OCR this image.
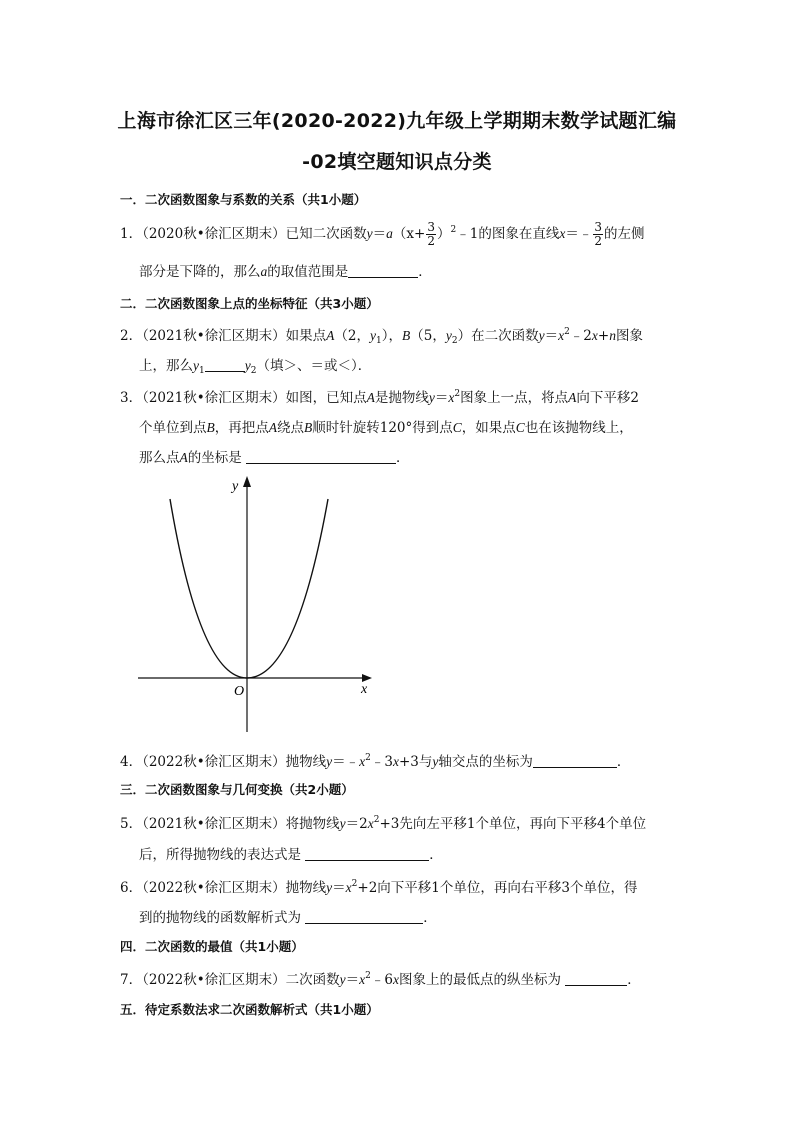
上海市徐汇区三年(2020-2022)九年级上学期期末数学试题汇编
-02填空题知识点分类
一．二次函数图象与系数的关系（共1小题）
1．（2020秋•徐汇区期末）已知二次函数$y=a(x+ \frac{3}{2}$ ）$^2﹣1$的图象在直线x＝﹣ $\frac{3}{2}$ 的左侧
部分是下降的，那么a的取值范围是	．
二．二次函数图象上点的坐标特征（共3小题）
2．（2021秋•徐汇区期末）如果点A（2，$y_1$），B（5，$y_2$）在二次函数$y=x^2﹣2x+n$图象
上，那么$y_1$	$y_2$（填＞、＝或＜）．
3．（2021秋•徐汇区期末）如图，已知点A是抛物线$y=x^2$图象上一点，将点A向下平移2
个单位到点B，再把点A绕点B顺时针旋转120°得到点C，如果点C也在该抛物线上，
那么点A的坐标是	．
y
x
O
4．（2022秋•徐汇区期末）抛物线$y=﹣x^2﹣3x+3$与y轴交点的坐标为	．
三．二次函数图象与几何变换（共2小题）
5．（2021秋•徐汇区期末）将抛物线$y=2x^2+3$先向左平移1个单位，再向下平移4个单位
后，所得抛物线的表达式是	．
6．（2022秋•徐汇区期末）抛物线$y=x^2+2$向下平移1个单位，再向右平移3个单位，得
到的抛物线的函数解析式为	．
四．二次函数的最值（共1小题）
7．（2022秋•徐汇区期末）二次函数$y=x^2﹣6x$图象上的最低点的纵坐标为	．
五．待定系数法求二次函数解析式（共1小题）
